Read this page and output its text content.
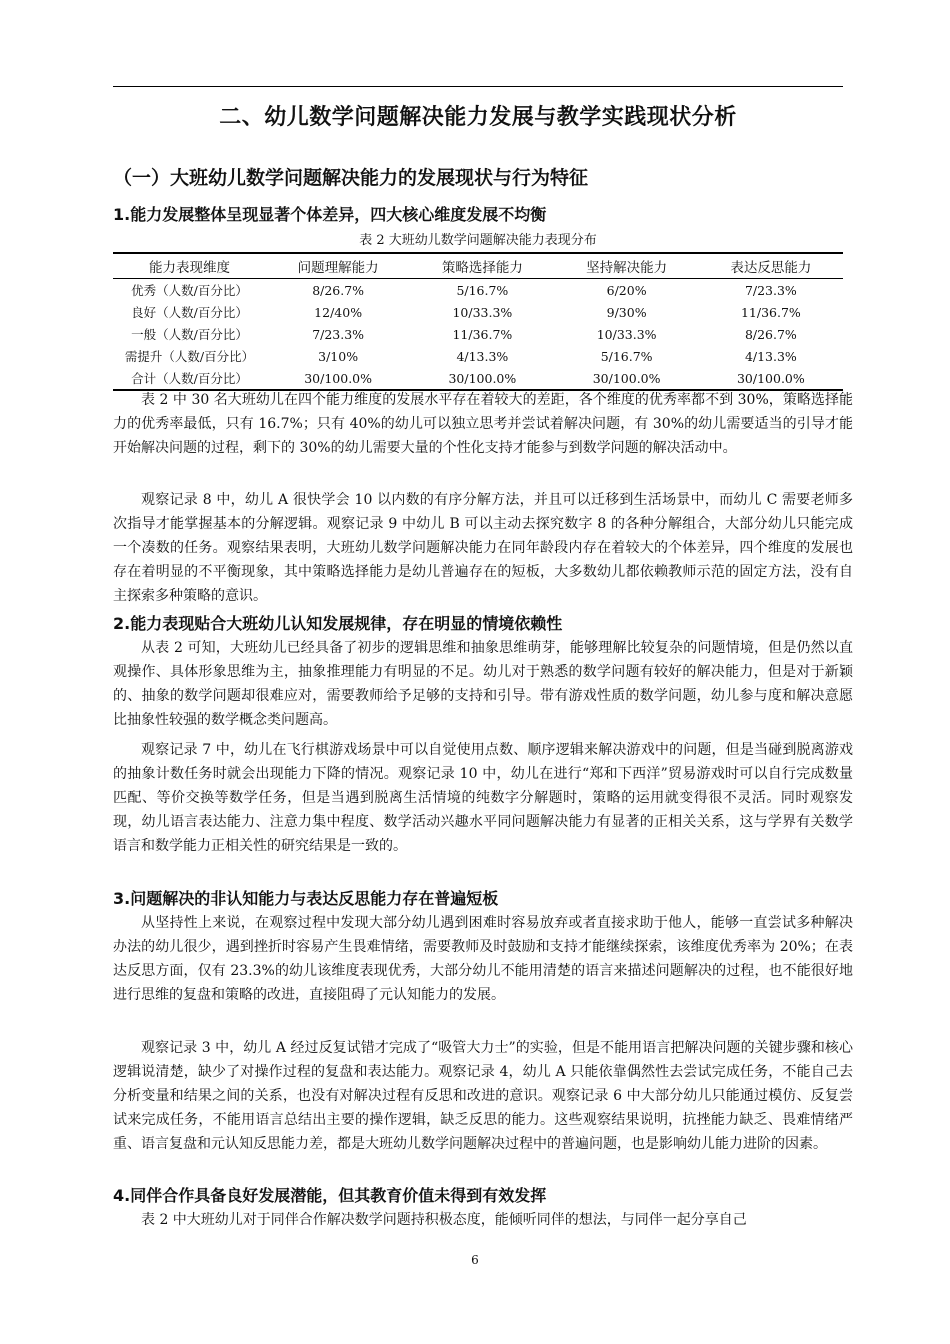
二、幼儿数学问题解决能力发展与教学实践现状分析
（一）大班幼儿数学问题解决能力的发展现状与行为特征
1.能力发展整体呈现显著个体差异，四大核心维度发展不均衡
表 2 大班幼儿数学问题解决能力表现分布
能力表现维度	问题理解能力	策略选择能力	坚持解决能力	表达反思能力
优秀（人数/百分比）	8/26.7%	5/16.7%	6/20%	7/23.3%
良好（人数/百分比）	12/40%	10/33.3%	9/30%	11/36.7%
一般（人数/百分比）	7/23.3%	11/36.7%	10/33.3%	8/26.7%
需提升（人数/百分比）	3/10%	4/13.3%	5/16.7%	4/13.3%
合计（人数/百分比）	30/100.0%	30/100.0%	30/100.0%	30/100.0%

表 2 中 30 名大班幼儿在四个能力维度的发展水平存在着较大的差距，各个维度的优秀率都不到 30%，策略选择能力的优秀率最低，只有 16.7%；只有 40%的幼儿可以独立思考并尝试着解决问题，有 30%的幼儿需要适当的引导才能开始解决问题的过程，剩下的 30%的幼儿需要大量的个性化支持才能参与到数学问题的解决活动中。

观察记录 8 中，幼儿 A 很快学会 10 以内数的有序分解方法，并且可以迁移到生活场景中，而幼儿 C 需要老师多次指导才能掌握基本的分解逻辑。观察记录 9 中幼儿 B 可以主动去探究数字 8 的各种分解组合，大部分幼儿只能完成一个凑数的任务。观察结果表明，大班幼儿数学问题解决能力在同年龄段内存在着较大的个体差异，四个维度的发展也存在着明显的不平衡现象，其中策略选择能力是幼儿普遍存在的短板，大多数幼儿都依赖教师示范的固定方法，没有自主探索多种策略的意识。

2.能力表现贴合大班幼儿认知发展规律，存在明显的情境依赖性

从表 2 可知，大班幼儿已经具备了初步的逻辑思维和抽象思维萌芽，能够理解比较复杂的问题情境，但是仍然以直观操作、具体形象思维为主，抽象推理能力有明显的不足。幼儿对于熟悉的数学问题有较好的解决能力，但是对于新颖的、抽象的数学问题却很难应对，需要教师给予足够的支持和引导。带有游戏性质的数学问题，幼儿参与度和解决意愿比抽象性较强的数学概念类问题高。

观察记录 7 中，幼儿在飞行棋游戏场景中可以自觉使用点数、顺序逻辑来解决游戏中的问题，但是当碰到脱离游戏的抽象计数任务时就会出现能力下降的情况。观察记录 10 中，幼儿在进行“郑和下西洋”贸易游戏时可以自行完成数量匹配、等价交换等数学任务，但是当遇到脱离生活情境的纯数字分解题时，策略的运用就变得很不灵活。同时观察发现，幼儿语言表达能力、注意力集中程度、数学活动兴趣水平同问题解决能力有显著的正相关关系，这与学界有关数学语言和数学能力正相关性的研究结果是一致的。

3.问题解决的非认知能力与表达反思能力存在普遍短板

从坚持性上来说，在观察过程中发现大部分幼儿遇到困难时容易放弃或者直接求助于他人，能够一直尝试多种解决办法的幼儿很少，遇到挫折时容易产生畏难情绪，需要教师及时鼓励和支持才能继续探索，该维度优秀率为 20%；在表达反思方面，仅有 23.3%的幼儿该维度表现优秀，大部分幼儿不能用清楚的语言来描述问题解决的过程，也不能很好地进行思维的复盘和策略的改进，直接阻碍了元认知能力的发展。

观察记录 3 中，幼儿 A 经过反复试错才完成了“吸管大力士”的实验，但是不能用语言把解决问题的关键步骤和核心逻辑说清楚，缺少了对操作过程的复盘和表达能力。观察记录 4，幼儿 A 只能依靠偶然性去尝试完成任务，不能自己去分析变量和结果之间的关系，也没有对解决过程有反思和改进的意识。观察记录 6 中大部分幼儿只能通过模仿、反复尝试来完成任务，不能用语言总结出主要的操作逻辑，缺乏反思的能力。这些观察结果说明，抗挫能力缺乏、畏难情绪严重、语言复盘和元认知反思能力差，都是大班幼儿数学问题解决过程中的普遍问题，也是影响幼儿能力进阶的因素。

4.同伴合作具备良好发展潜能，但其教育价值未得到有效发挥

表 2 中大班幼儿对于同伴合作解决数学问题持积极态度，能倾听同伴的想法，与同伴一起分享自己

6
